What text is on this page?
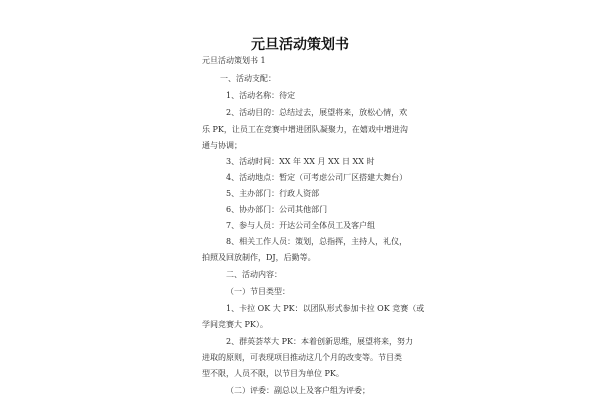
元旦活动策划书
元旦活动策划书 1
一、活动支配：
1、活动名称：待定
2、活动目的：总结过去，展望将来，放松心情，欢
乐 PK，让员工在竞赛中增进团队凝聚力，在嬉戏中增进沟
通与协调；
3、活动时间：XX 年 XX 月 XX 日 XX 时
4、活动地点：暂定（可考虑公司厂区搭建大舞台）
5、主办部门：行政人资部
6、协办部门：公司其他部门
7、参与人员：开达公司全体员工及客户组
8、相关工作人员：策划，总指挥，主持人，礼仪，
拍照及回放制作，DJ，后勤等。
二、活动内容：
（一）节目类型：
1、卡拉 OK 大 PK：以团队形式参加卡拉 OK 竞赛（或
学间竞赛大 PK）。
2、群英荟萃大 PK：本着创新思维，展望将来，努力
进取的原则，可表现项目推动这几个月的改变等。节目类
型不限，人员不限，以节目为单位 PK。
（二）评委：副总以上及客户组为评委；
